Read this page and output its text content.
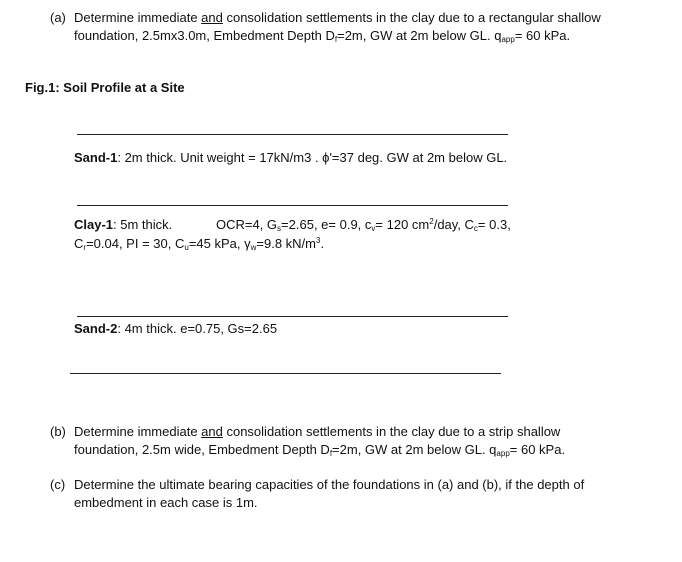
(a) Determine immediate and consolidation settlements in the clay due to a rectangular shallow
foundation, 2.5mx3.0m, Embedment Depth $D_f=2m$, GW at 2m below GL. $q_{app}= 60$ kPa.
Fig.1: Soil Profile at a Site
Sand-1: 2m thick. Unit weight = 17kN/m3 . ϕ'=37 deg. GW at 2m below GL.
Clay-1: 5m thick.	OCR=4, $G_s=2.65$, e= 0.9, $c_v= 120$ $cm^2$/day, $C_c= 0.3$,
$C_r=0.04$, PI = 30, $C_u=45$ kPa, $\gamma_w=9.8$ $kN/m^3$.
Sand-2: 4m thick. e=0.75, Gs=2.65
(b) Determine immediate and consolidation settlements in the clay due to a strip shallow
foundation, 2.5m wide, Embedment Depth $D_f=2m$, GW at 2m below GL. $q_{app}= 60$ kPa.
(c) Determine the ultimate bearing capacities of the foundations in (a) and (b), if the depth of
embedment in each case is 1m.
